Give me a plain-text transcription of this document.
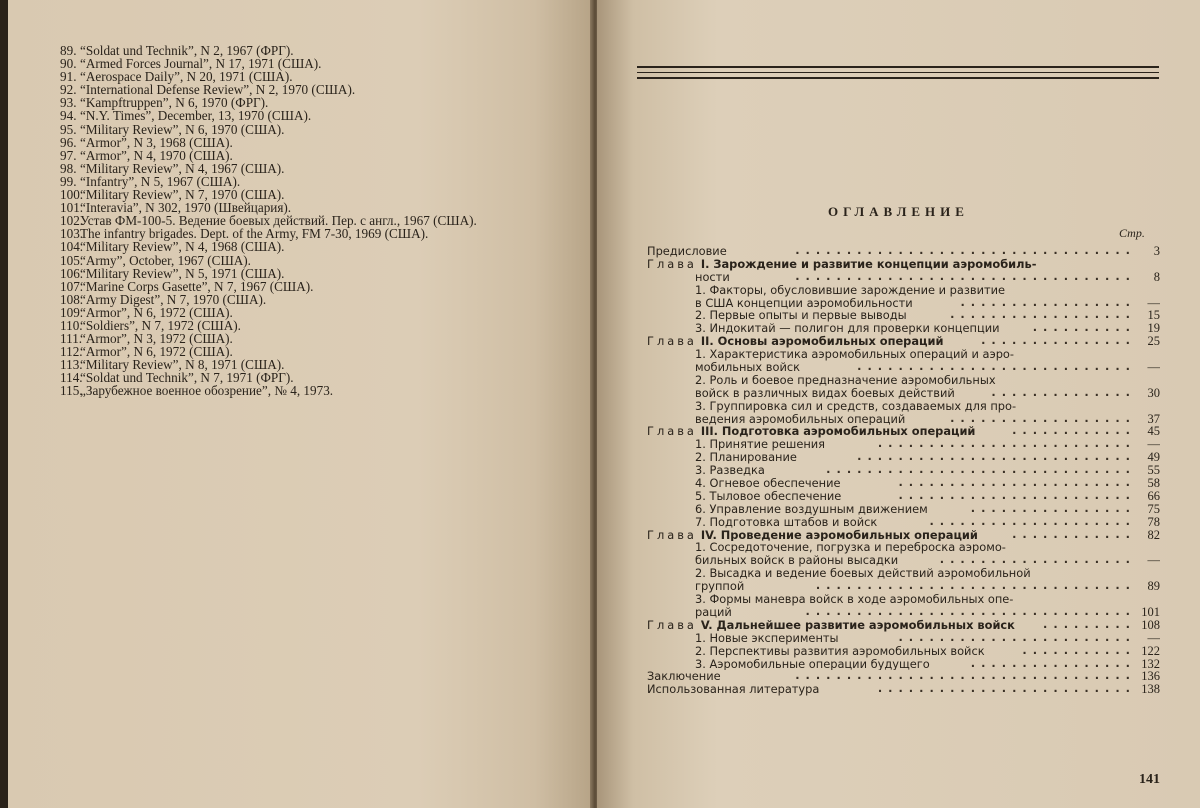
89. “Soldat und Technik”, N 2, 1967 (ФРГ).
90. “Armed Forces Journal”, N 17, 1971 (США).
91. “Aerospace Daily”, N 20, 1971 (США).
92. “International Defense Review”, N 2, 1970 (США).
93. “Kampftruppen”, N 6, 1970 (ФРГ).
94. “N.Y. Times”, December, 13, 1970 (США).
95. “Military Review”, N 6, 1970 (США).
96. “Armor”, N 3, 1968 (США).
97. “Armor”, N 4, 1970 (США).
98. “Military Review”, N 4, 1967 (США).
99. “Infantry”, N 5, 1967 (США).
100.
“Military Review”, N 7, 1970 (США).
101.
“Interavia”, N 302, 1970 (Швейцария).
102.
Устав ФМ-100-5. Ведение боевых действий. Пер. с англ., 1967 (США).
103.
The infantry brigades. Dept. of the Army, FM 7-30, 1969 (США).
104.
“Military Review”, N 4, 1968 (США).
105.
“Army”, October, 1967 (США).
106.
“Military Review”, N 5, 1971 (США).
107.
“Marine Corps Gasette”, N 7, 1967 (США).
108.
“Army Digest”, N 7, 1970 (США).
109.
“Armor”, N 6, 1972 (США).
110.
“Soldiers”, N 7, 1972 (США).
111.
“Armor”, N 3, 1972 (США).
112.
“Armor”, N 6, 1972 (США).
113.
“Military Review”, N 8, 1971 (США).
114.
“Soldat und Technik”, N 7, 1971 (ФРГ).
115.
„Зарубежное военное обозрение”, № 4, 1973.
ОГЛАВЛЕНИЕ
Стр.
Предисловие	................................. 3
Глава I. Зарождение и развитие концепции аэромобиль-
ности	................................. 8
1. Факторы, обусловившие зарождение и развитие
в США концепции аэромобильности	................. —
2. Первые опыты и первые выводы	.................. 15
3. Индокитай — полигон для проверки концепции	.......... 19
Глава II. Основы аэромобильных операций	............... 25
1. Характеристика аэромобильных операций и аэро-
мобильных войск	........................... —
2. Роль и боевое предназначение аэромобильных
войск в различных видах боевых действий	.............. 30
3. Группировка сил и средств, создаваемых для про-
ведения аэромобильных операций	.................. 37
Глава III. Подготовка аэромобильных операций	............ 45
1. Принятие решения	......................... —
2. Планирование	........................... 49
3. Разведка	.............................. 55
4. Огневое обеспечение	....................... 58
5. Тыловое обеспечение	....................... 66
6. Управление воздушным движением	................ 75
7. Подготовка штабов и войск	.................... 78
Глава IV. Проведение аэромобильных операций	............ 82
1. Сосредоточение, погрузка и переброска аэромо-
бильных войск в районы высадки	................... —
2. Высадка и ведение боевых действий аэромобильной
группой	............................... 89
3. Формы маневра войск в ходе аэромобильных опе-
раций	................................ 101
Глава V. Дальнейшее развитие аэромобильных войск ......... 108
1. Новые эксперименты	....................... —
2. Перспективы развития аэромобильных войск	........... 122
3. Аэромобильные операции будущего	................ 132
Заключение	................................. 136
Использованная литература	......................... 138
141
